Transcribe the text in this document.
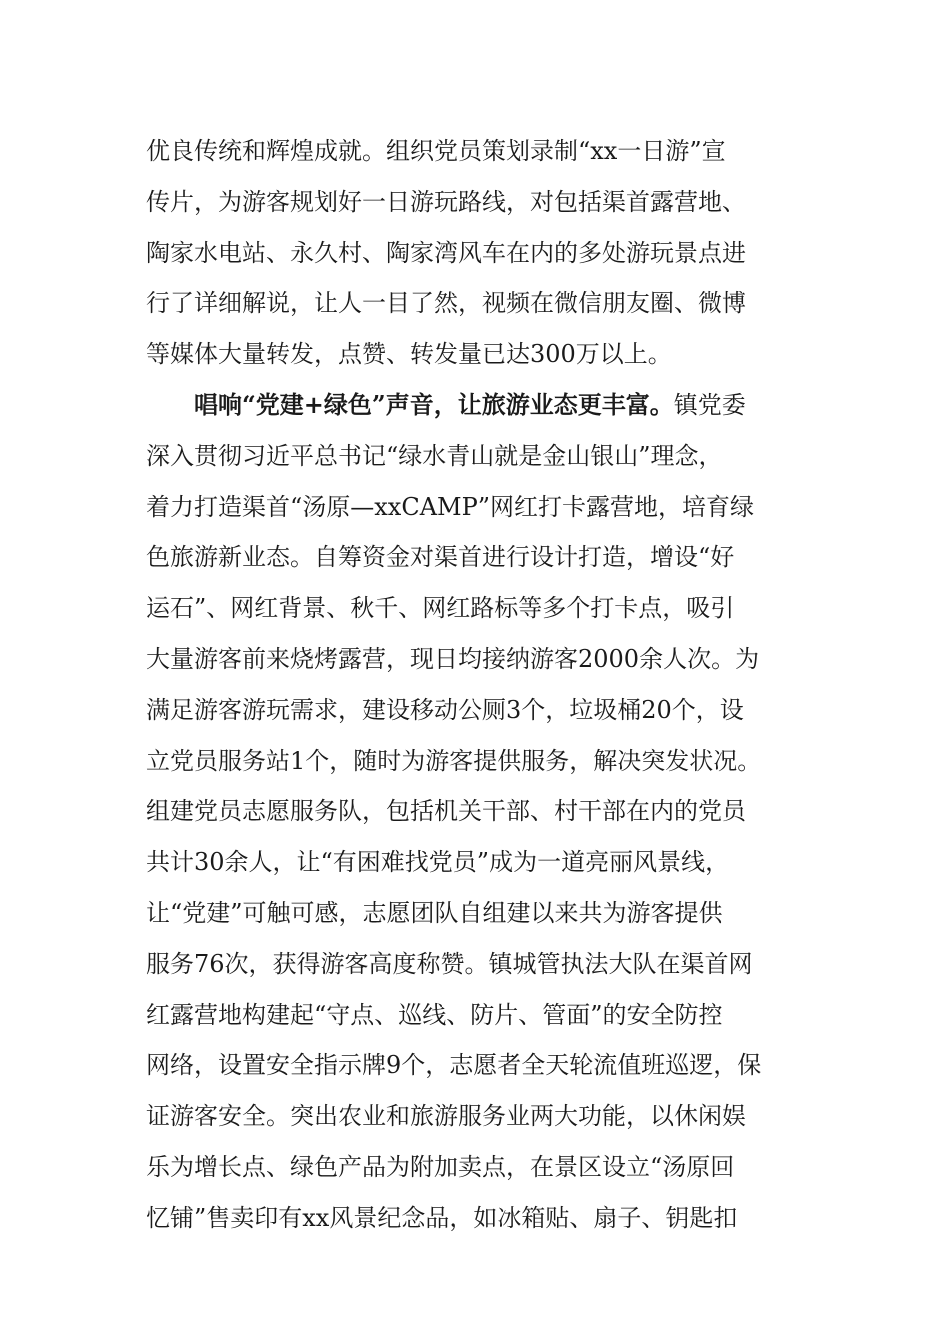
优良传统和辉煌成就。组织党员策划录制“xx一日游”宣
传片，为游客规划好一日游玩路线，对包括渠首露营地、
陶家水电站、永久村、陶家湾风车在内的多处游玩景点进
行了详细解说，让人一目了然，视频在微信朋友圈、微博
等媒体大量转发，点赞、转发量已达300万以上。
唱响“党建+绿色”声音，让旅游业态更丰富。镇党委
深入贯彻习近平总书记“绿水青山就是金山银山”理念，
着力打造渠首“汤原—xxCAMP”网红打卡露营地，培育绿
色旅游新业态。自筹资金对渠首进行设计打造，增设“好
运石”、网红背景、秋千、网红路标等多个打卡点，吸引
大量游客前来烧烤露营，现日均接纳游客2000余人次。为
满足游客游玩需求，建设移动公厕3个，垃圾桶20个，设
立党员服务站1个，随时为游客提供服务，解决突发状况。
组建党员志愿服务队，包括机关干部、村干部在内的党员
共计30余人，让“有困难找党员”成为一道亮丽风景线，
让“党建”可触可感，志愿团队自组建以来共为游客提供
服务76次，获得游客高度称赞。镇城管执法大队在渠首网
红露营地构建起“守点、巡线、防片、管面”的安全防控
网络，设置安全指示牌9个，志愿者全天轮流值班巡逻，保
证游客安全。突出农业和旅游服务业两大功能，以休闲娱
乐为增长点、绿色产品为附加卖点，在景区设立“汤原回
忆铺”售卖印有xx风景纪念品，如冰箱贴、扇子、钥匙扣
